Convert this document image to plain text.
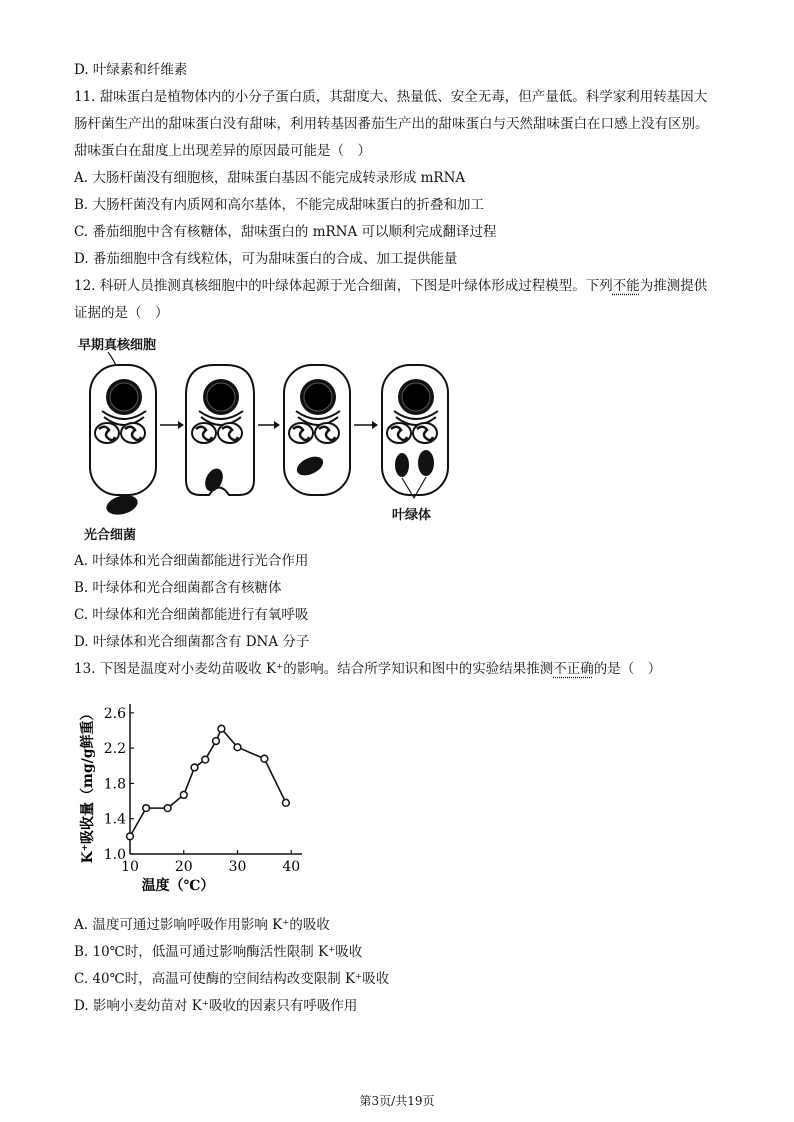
D. 叶绿素和纤维素
11. 甜味蛋白是植物体内的小分子蛋白质，其甜度大、热量低、安全无毒，但产量低。科学家利用转基因大
肠杆菌生产出的甜味蛋白没有甜味，利用转基因番茄生产出的甜味蛋白与天然甜味蛋白在口感上没有区别。
甜味蛋白在甜度上出现差异的原因最可能是（　）
A. 大肠杆菌没有细胞核，甜味蛋白基因不能完成转录形成 mRNA
B. 大肠杆菌没有内质网和高尔基体，不能完成甜味蛋白的折叠和加工
C. 番茄细胞中含有核糖体，甜味蛋白的 mRNA 可以顺利完成翻译过程
D. 番茄细胞中含有线粒体，可为甜味蛋白的合成、加工提供能量
12. 科研人员推测真核细胞中的叶绿体起源于光合细菌，下图是叶绿体形成过程模型。下列不能为推测提供
证据的是（　）
早期真核细胞
光合细菌
叶绿体
A. 叶绿体和光合细菌都能进行光合作用
B. 叶绿体和光合细菌都含有核糖体
C. 叶绿体和光合细菌都能进行有氧呼吸
D. 叶绿体和光合细菌都含有 DNA 分子
13. 下图是温度对小麦幼苗吸收 K⁺的影响。结合所学知识和图中的实验结果推测不正确的是（　）
1.0
1.4
1.8
2.2
2.6
10	20	30	40
温度（℃）
K⁺吸收量（mg/g鲜重）
A. 温度可通过影响呼吸作用影响 K⁺的吸收
B. 10℃时，低温可通过影响酶活性限制 K⁺吸收
C. 40℃时，高温可使酶的空间结构改变限制 K⁺吸收
D. 影响小麦幼苗对 K⁺吸收的因素只有呼吸作用
第3页/共19页
